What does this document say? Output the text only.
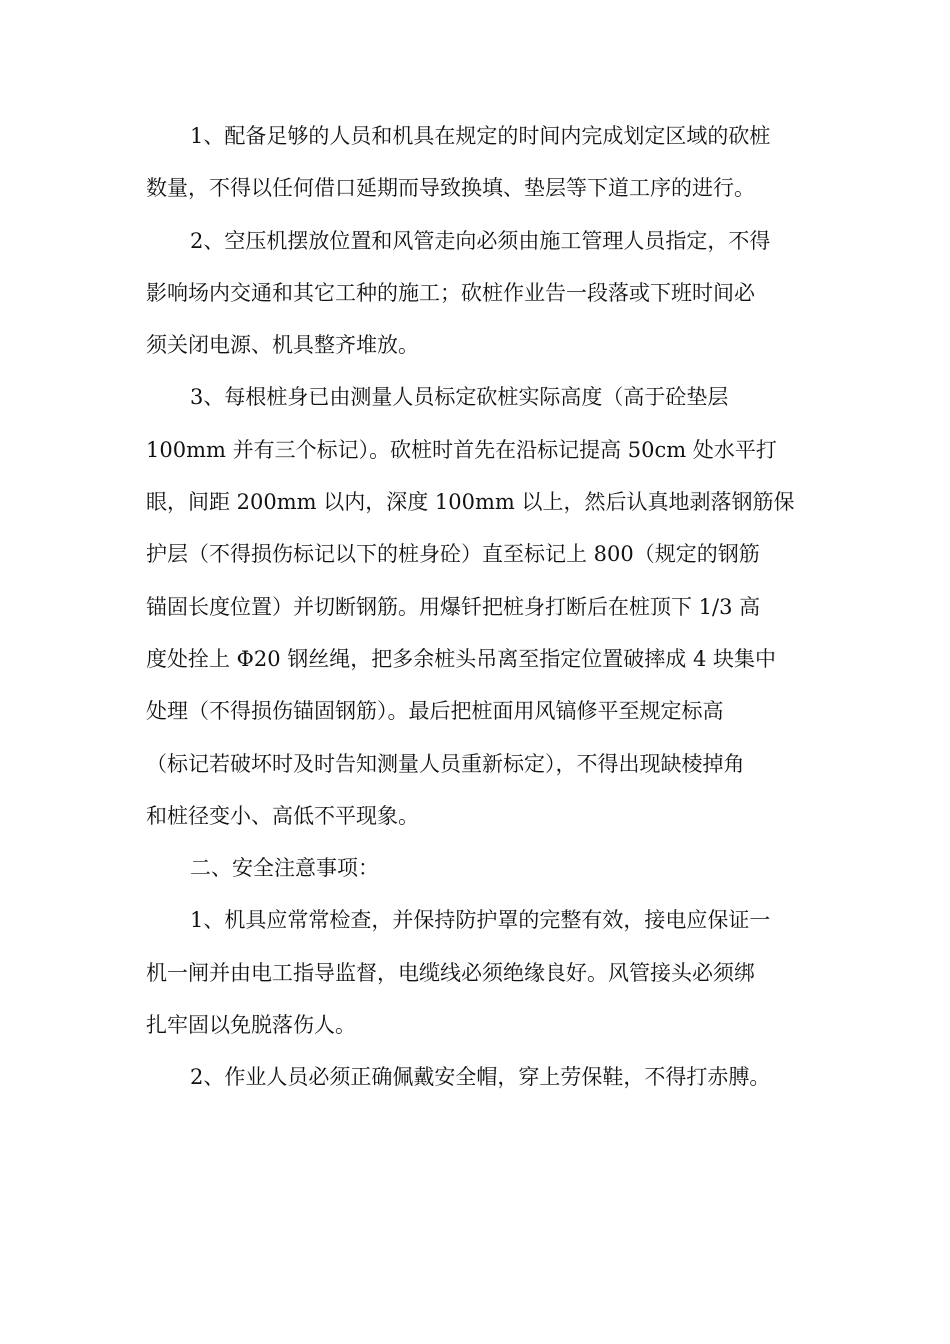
1、配备足够的人员和机具在规定的时间内完成划定区域的砍桩
数量，不得以任何借口延期而导致换填、垫层等下道工序的进行。

2、空压机摆放位置和风管走向必须由施工管理人员指定，不得
影响场内交通和其它工种的施工；砍桩作业告一段落或下班时间必
须关闭电源、机具整齐堆放。

3、每根桩身已由测量人员标定砍桩实际高度（高于砼垫层
100mm 并有三个标记）。砍桩时首先在沿标记提高 50cm 处水平打
眼，间距 200mm 以内，深度 100mm 以上，然后认真地剥落钢筋保
护层（不得损伤标记以下的桩身砼）直至标记上 800（规定的钢筋
锚固长度位置）并切断钢筋。用爆钎把桩身打断后在桩顶下 1/3 高
度处拴上 Φ20 钢丝绳，把多余桩头吊离至指定位置破摔成 4 块集中
处理（不得损伤锚固钢筋）。最后把桩面用风镐修平至规定标高
（标记若破坏时及时告知测量人员重新标定），不得出现缺棱掉角
和桩径变小、高低不平现象。

二、安全注意事项：

1、机具应常常检查，并保持防护罩的完整有效，接电应保证一
机一闸并由电工指导监督，电缆线必须绝缘良好。风管接头必须绑
扎牢固以免脱落伤人。

2、作业人员必须正确佩戴安全帽，穿上劳保鞋，不得打赤膊。
